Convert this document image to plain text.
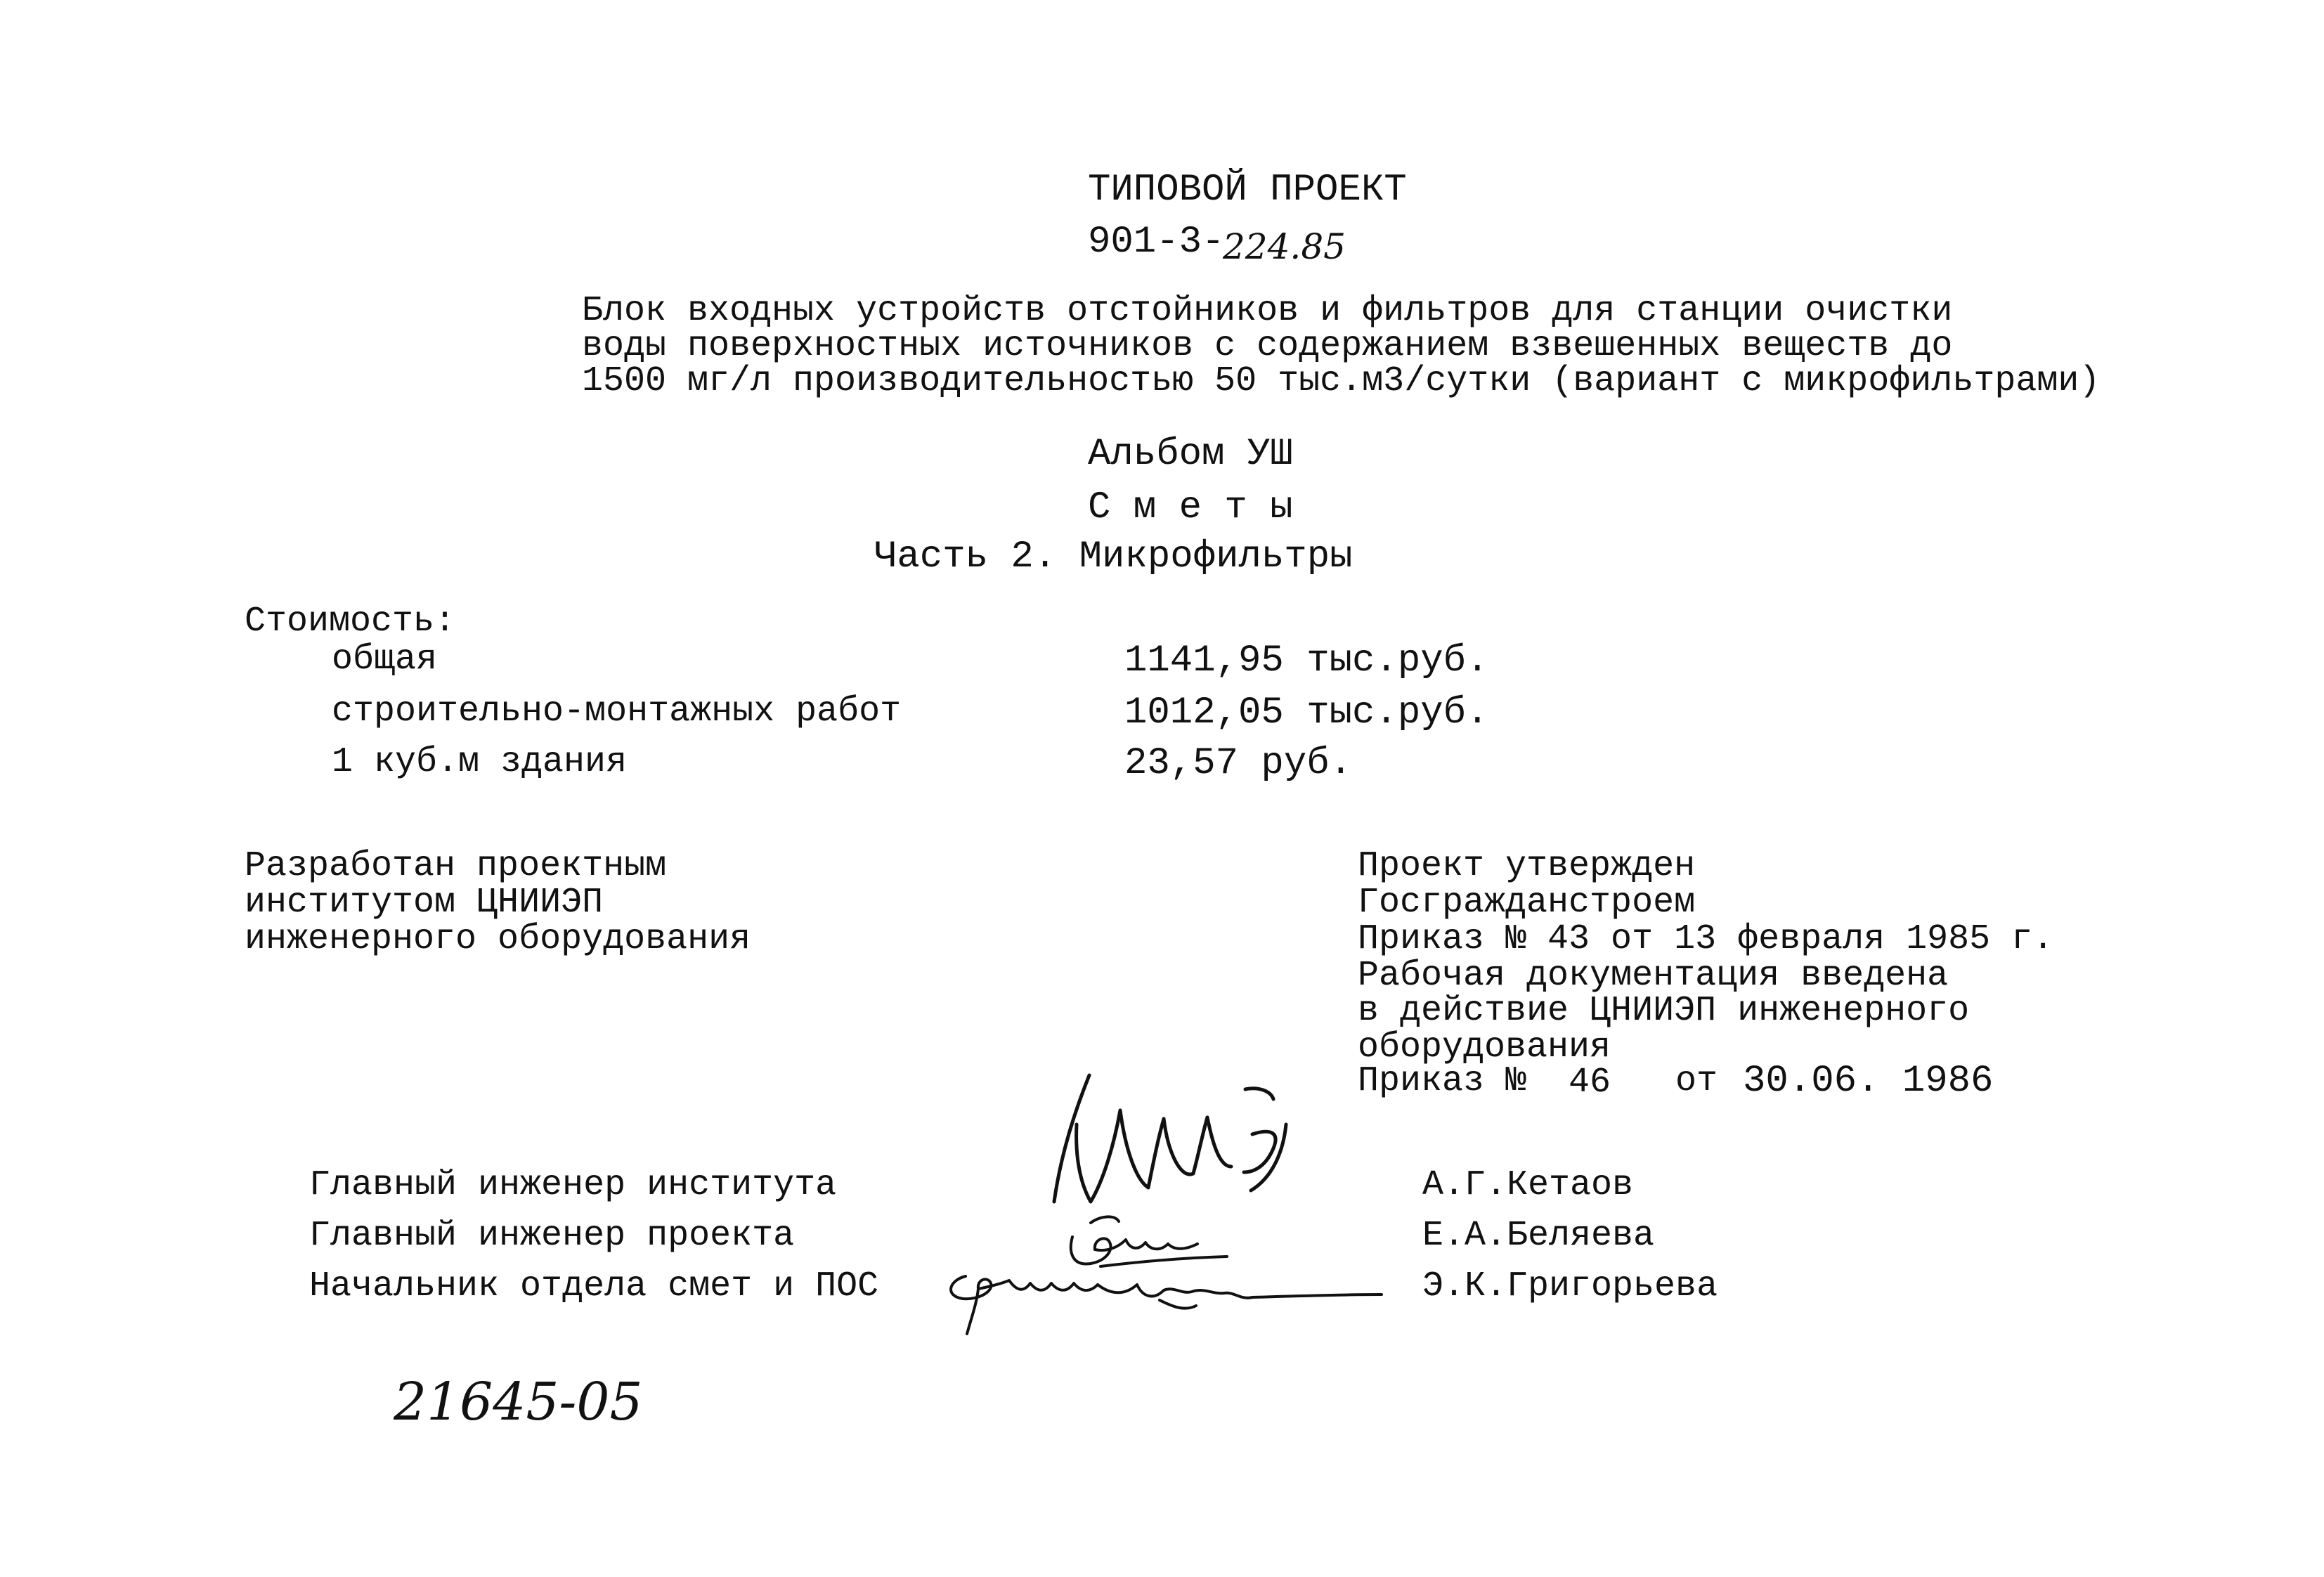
ТИПОВОЙ ПРОЕКТ
901-3-
224.85
Блок входных устройств отстойников и фильтров для станции очистки
воды поверхностных источников с содержанием взвешенных веществ до
1500 мг/л производительностью 50 тыс.м3/сутки (вариант с микрофильтрами)
Альбом УШ
С м е т ы
Часть 2. Микрофильтры
Стоимость:
общая	1141,95 тыс.руб.
строительно-монтажных работ	1012,05 тыс.руб.
1 куб.м здания	23,57 руб.
Разработан проектным
институтом ЦНИИЭП
инженерного оборудования
Проект утвержден
Госгражданстроем
Приказ № 43 от 13 февраля 1985 г.
Рабочая документация введена
в действие ЦНИИЭП инженерного
оборудования
Приказ № 46 от 30.06. 1986
Главный инженер института	А.Г.Кетаов
Главный инженер проекта	Е.А.Беляева
Начальник отдела смет и ПОС	Э.К.Григорьева
21645-05
